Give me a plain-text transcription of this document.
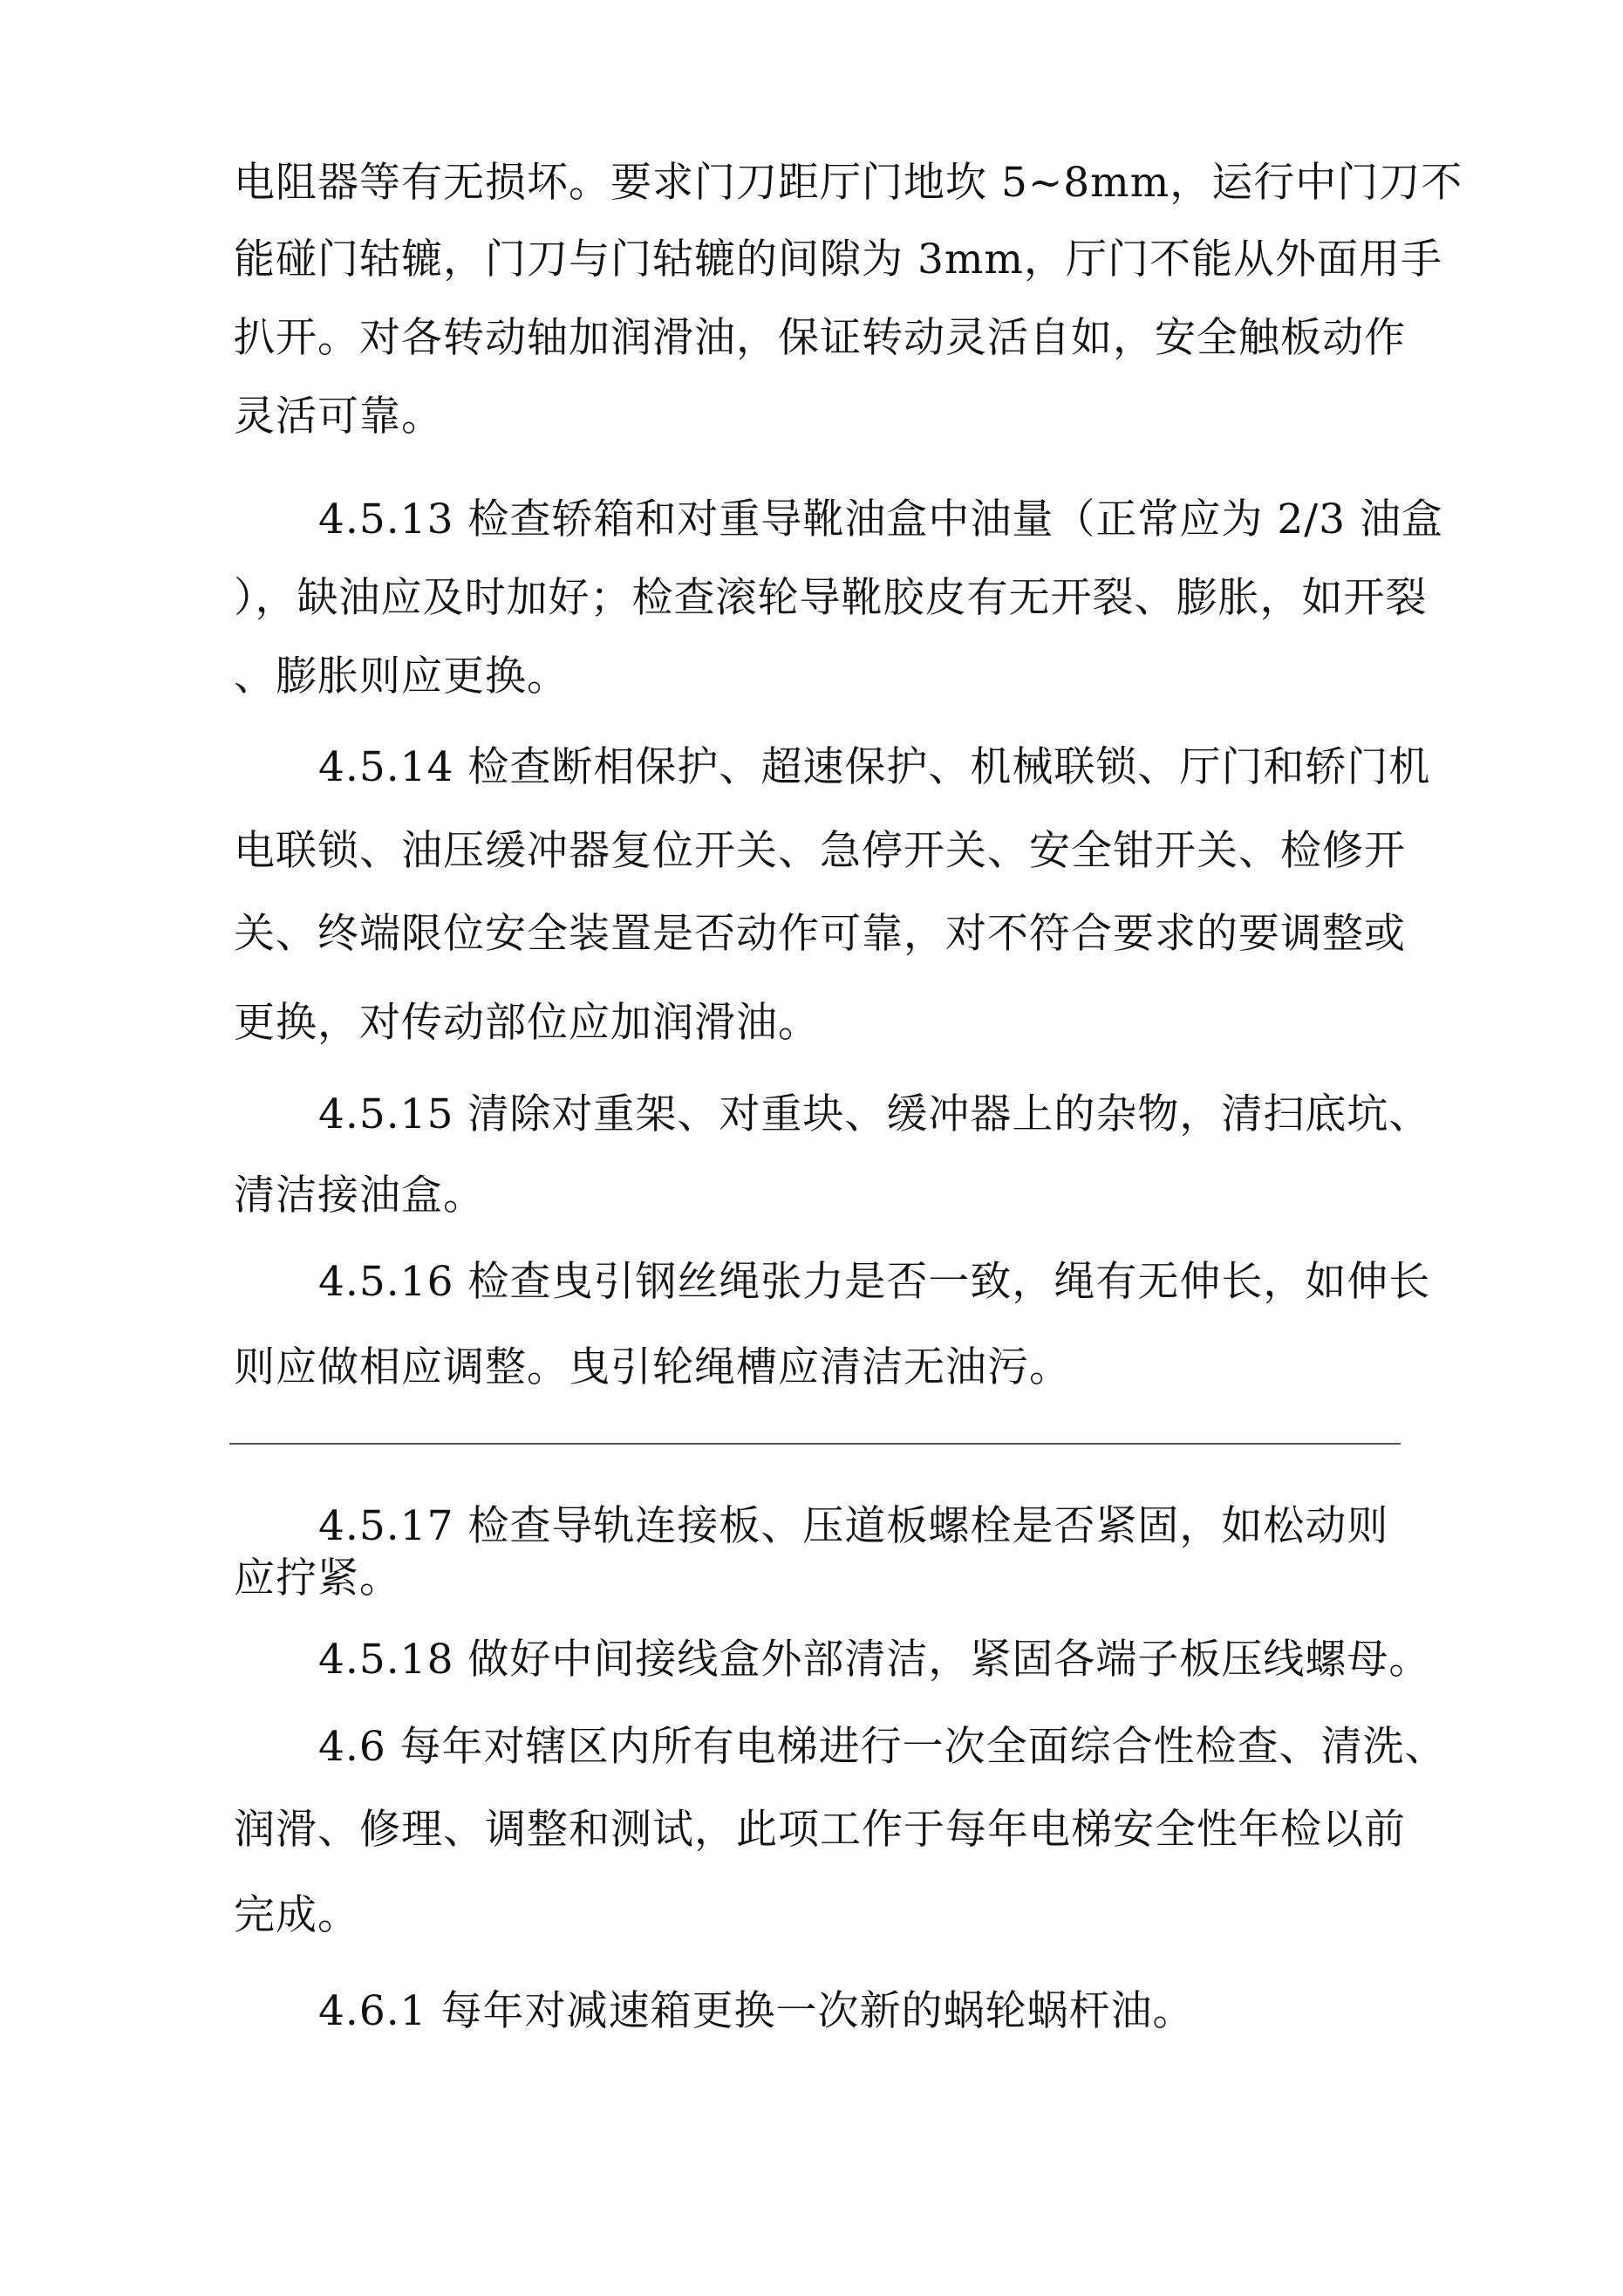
电阻器等有无损坏。要求门刀距厅门地坎 5~8mm，运行中门刀不
能碰门轱辘，门刀与门轱辘的间隙为 3mm，厅门不能从外面用手
扒开。对各转动轴加润滑油，保证转动灵活自如，安全触板动作
灵活可靠。
4.5.13 检查轿箱和对重导靴油盒中油量（正常应为 2/3 油盒
），缺油应及时加好；检查滚轮导靴胶皮有无开裂、膨胀，如开裂
、膨胀则应更换。
4.5.14 检查断相保护、超速保护、机械联锁、厅门和轿门机
电联锁、油压缓冲器复位开关、急停开关、安全钳开关、检修开
关、终端限位安全装置是否动作可靠，对不符合要求的要调整或
更换，对传动部位应加润滑油。
4.5.15 清除对重架、对重块、缓冲器上的杂物，清扫底坑、
清洁接油盒。
4.5.16 检查曳引钢丝绳张力是否一致，绳有无伸长，如伸长
则应做相应调整。曳引轮绳槽应清洁无油污。
4.5.17 检查导轨连接板、压道板螺栓是否紧固，如松动则
应拧紧。
4.5.18 做好中间接线盒外部清洁，紧固各端子板压线螺母。
4.6 每年对辖区内所有电梯进行一次全面综合性检查、清洗、
润滑、修理、调整和测试，此项工作于每年电梯安全性年检以前
完成。
4.6.1 每年对减速箱更换一次新的蜗轮蜗杆油。
